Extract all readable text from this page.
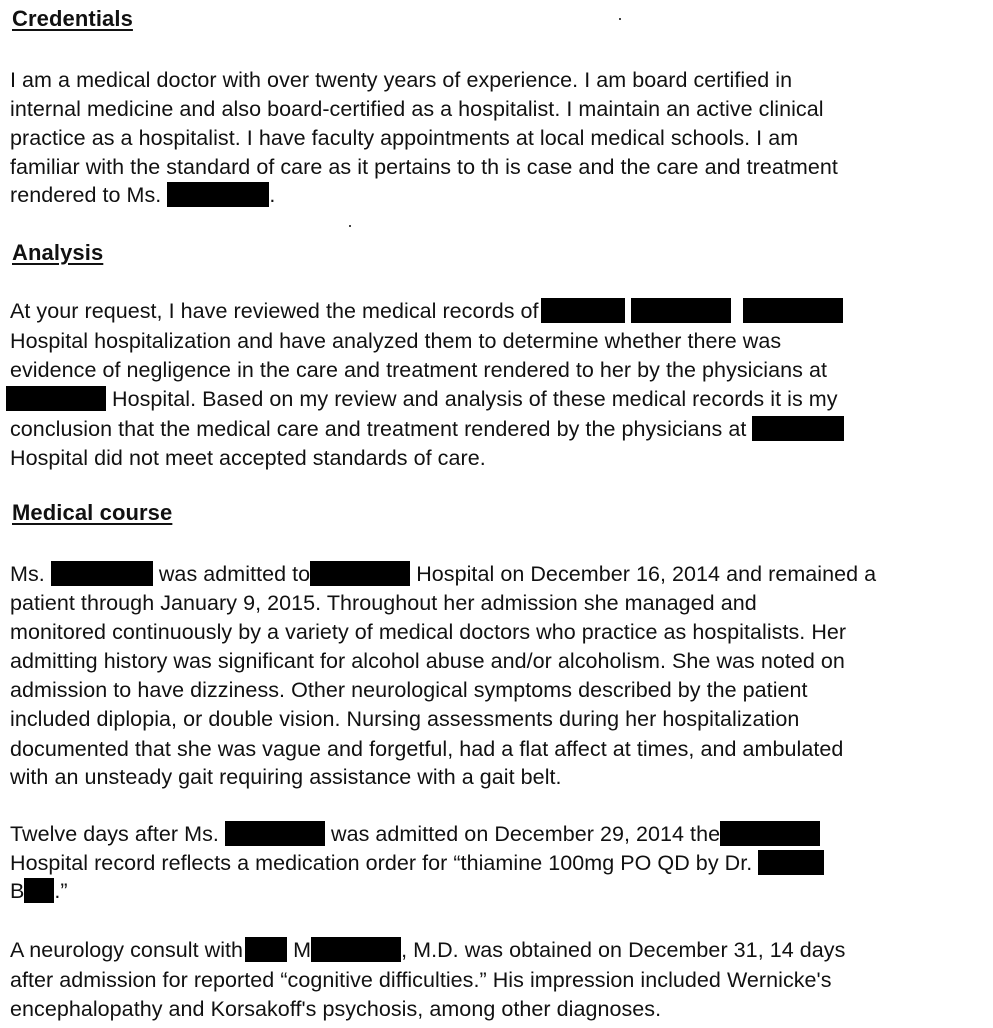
Credentials
I am a medical doctor with over twenty years of experience. I am board certified in
internal medicine and also board-certified as a hospitalist. I maintain an active clinical
practice as a hospitalist. I have faculty appointments at local medical schools. I am
familiar with the standard of care as it pertains to th is case and the care and treatment
rendered to Ms.	.
Analysis
At your request, I have reviewed the medical records of
Hospital hospitalization and have analyzed them to determine whether there was
evidence of negligence in the care and treatment rendered to her by the physicians at
Hospital. Based on my review and analysis of these medical records it is my
conclusion that the medical care and treatment rendered by the physicians at
Hospital did not meet accepted standards of care.
Medical course
Ms.	was admitted to	Hospital on December 16, 2014 and remained a
patient through January 9, 2015. Throughout her admission she managed and
monitored continuously by a variety of medical doctors who practice as hospitalists. Her
admitting history was significant for alcohol abuse and/or alcoholism. She was noted on
admission to have dizziness. Other neurological symptoms described by the patient
included diplopia, or double vision. Nursing assessments during her hospitalization
documented that she was vague and forgetful, had a flat affect at times, and ambulated
with an unsteady gait requiring assistance with a gait belt.
Twelve days after Ms.	was admitted on December 29, 2014 the
Hospital record reflects a medication order for “thiamine 100mg PO QD by Dr.
B .”
A neurology consult with M	, M.D. was obtained on December 31, 14 days
after admission for reported “cognitive difficulties.” His impression included Wernicke's
encephalopathy and Korsakoff's psychosis, among other diagnoses.
